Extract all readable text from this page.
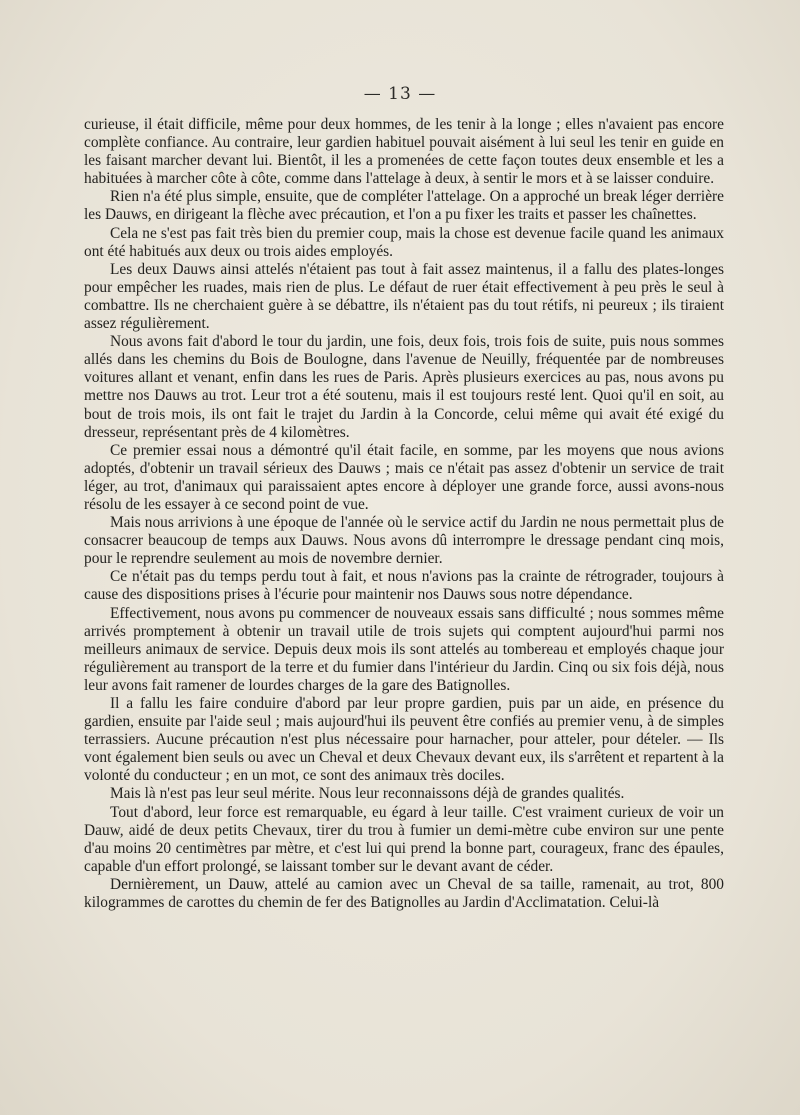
— 13 —

curieuse, il était difficile, même pour deux hommes, de les tenir à la longe ; elles n'avaient pas encore complète confiance. Au contraire, leur gardien habituel pouvait aisément à lui seul les tenir en guide en les faisant marcher devant lui. Bientôt, il les a promenées de cette façon toutes deux ensemble et les a habituées à marcher côte à côte, comme dans l'attelage à deux, à sentir le mors et à se laisser conduire.

Rien n'a été plus simple, ensuite, que de compléter l'attelage. On a approché un break léger derrière les Dauws, en dirigeant la flèche avec précaution, et l'on a pu fixer les traits et passer les chaînettes.

Cela ne s'est pas fait très bien du premier coup, mais la chose est devenue facile quand les animaux ont été habitués aux deux ou trois aides employés.

Les deux Dauws ainsi attelés n'étaient pas tout à fait assez maintenus, il a fallu des plates-longes pour empêcher les ruades, mais rien de plus. Le défaut de ruer était effectivement à peu près le seul à combattre. Ils ne cherchaient guère à se débattre, ils n'étaient pas du tout rétifs, ni peureux ; ils tiraient assez régulièrement.

Nous avons fait d'abord le tour du jardin, une fois, deux fois, trois fois de suite, puis nous sommes allés dans les chemins du Bois de Boulogne, dans l'avenue de Neuilly, fréquentée par de nombreuses voitures allant et venant, enfin dans les rues de Paris. Après plusieurs exercices au pas, nous avons pu mettre nos Dauws au trot. Leur trot a été soutenu, mais il est toujours resté lent. Quoi qu'il en soit, au bout de trois mois, ils ont fait le trajet du Jardin à la Concorde, celui même qui avait été exigé du dresseur, représentant près de 4 kilomètres.

Ce premier essai nous a démontré qu'il était facile, en somme, par les moyens que nous avions adoptés, d'obtenir un travail sérieux des Dauws ; mais ce n'était pas assez d'obtenir un service de trait léger, au trot, d'animaux qui paraissaient aptes encore à déployer une grande force, aussi avons-nous résolu de les essayer à ce second point de vue.

Mais nous arrivions à une époque de l'année où le service actif du Jardin ne nous permettait plus de consacrer beaucoup de temps aux Dauws. Nous avons dû interrompre le dressage pendant cinq mois, pour le reprendre seulement au mois de novembre dernier.

Ce n'était pas du temps perdu tout à fait, et nous n'avions pas la crainte de rétrograder, toujours à cause des dispositions prises à l'écurie pour maintenir nos Dauws sous notre dépendance.

Effectivement, nous avons pu commencer de nouveaux essais sans difficulté ; nous sommes même arrivés promptement à obtenir un travail utile de trois sujets qui comptent aujourd'hui parmi nos meilleurs animaux de service. Depuis deux mois ils sont attelés au tombereau et employés chaque jour régulièrement au transport de la terre et du fumier dans l'intérieur du Jardin. Cinq ou six fois déjà, nous leur avons fait ramener de lourdes charges de la gare des Batignolles.

Il a fallu les faire conduire d'abord par leur propre gardien, puis par un aide, en présence du gardien, ensuite par l'aide seul ; mais aujourd'hui ils peuvent être confiés au premier venu, à de simples terrassiers. Aucune précaution n'est plus nécessaire pour harnacher, pour atteler, pour dételer. — Ils vont également bien seuls ou avec un Cheval et deux Chevaux devant eux, ils s'arrêtent et repartent à la volonté du conducteur ; en un mot, ce sont des animaux très dociles.

Mais là n'est pas leur seul mérite. Nous leur reconnaissons déjà de grandes qualités.

Tout d'abord, leur force est remarquable, eu égard à leur taille. C'est vraiment curieux de voir un Dauw, aidé de deux petits Chevaux, tirer du trou à fumier un demi-mètre cube environ sur une pente d'au moins 20 centimètres par mètre, et c'est lui qui prend la bonne part, courageux, franc des épaules, capable d'un effort prolongé, se laissant tomber sur le devant avant de céder.

Dernièrement, un Dauw, attelé au camion avec un Cheval de sa taille, ramenait, au trot, 800 kilogrammes de carottes du chemin de fer des Batignolles au Jardin d'Acclimatation. Celui-là
